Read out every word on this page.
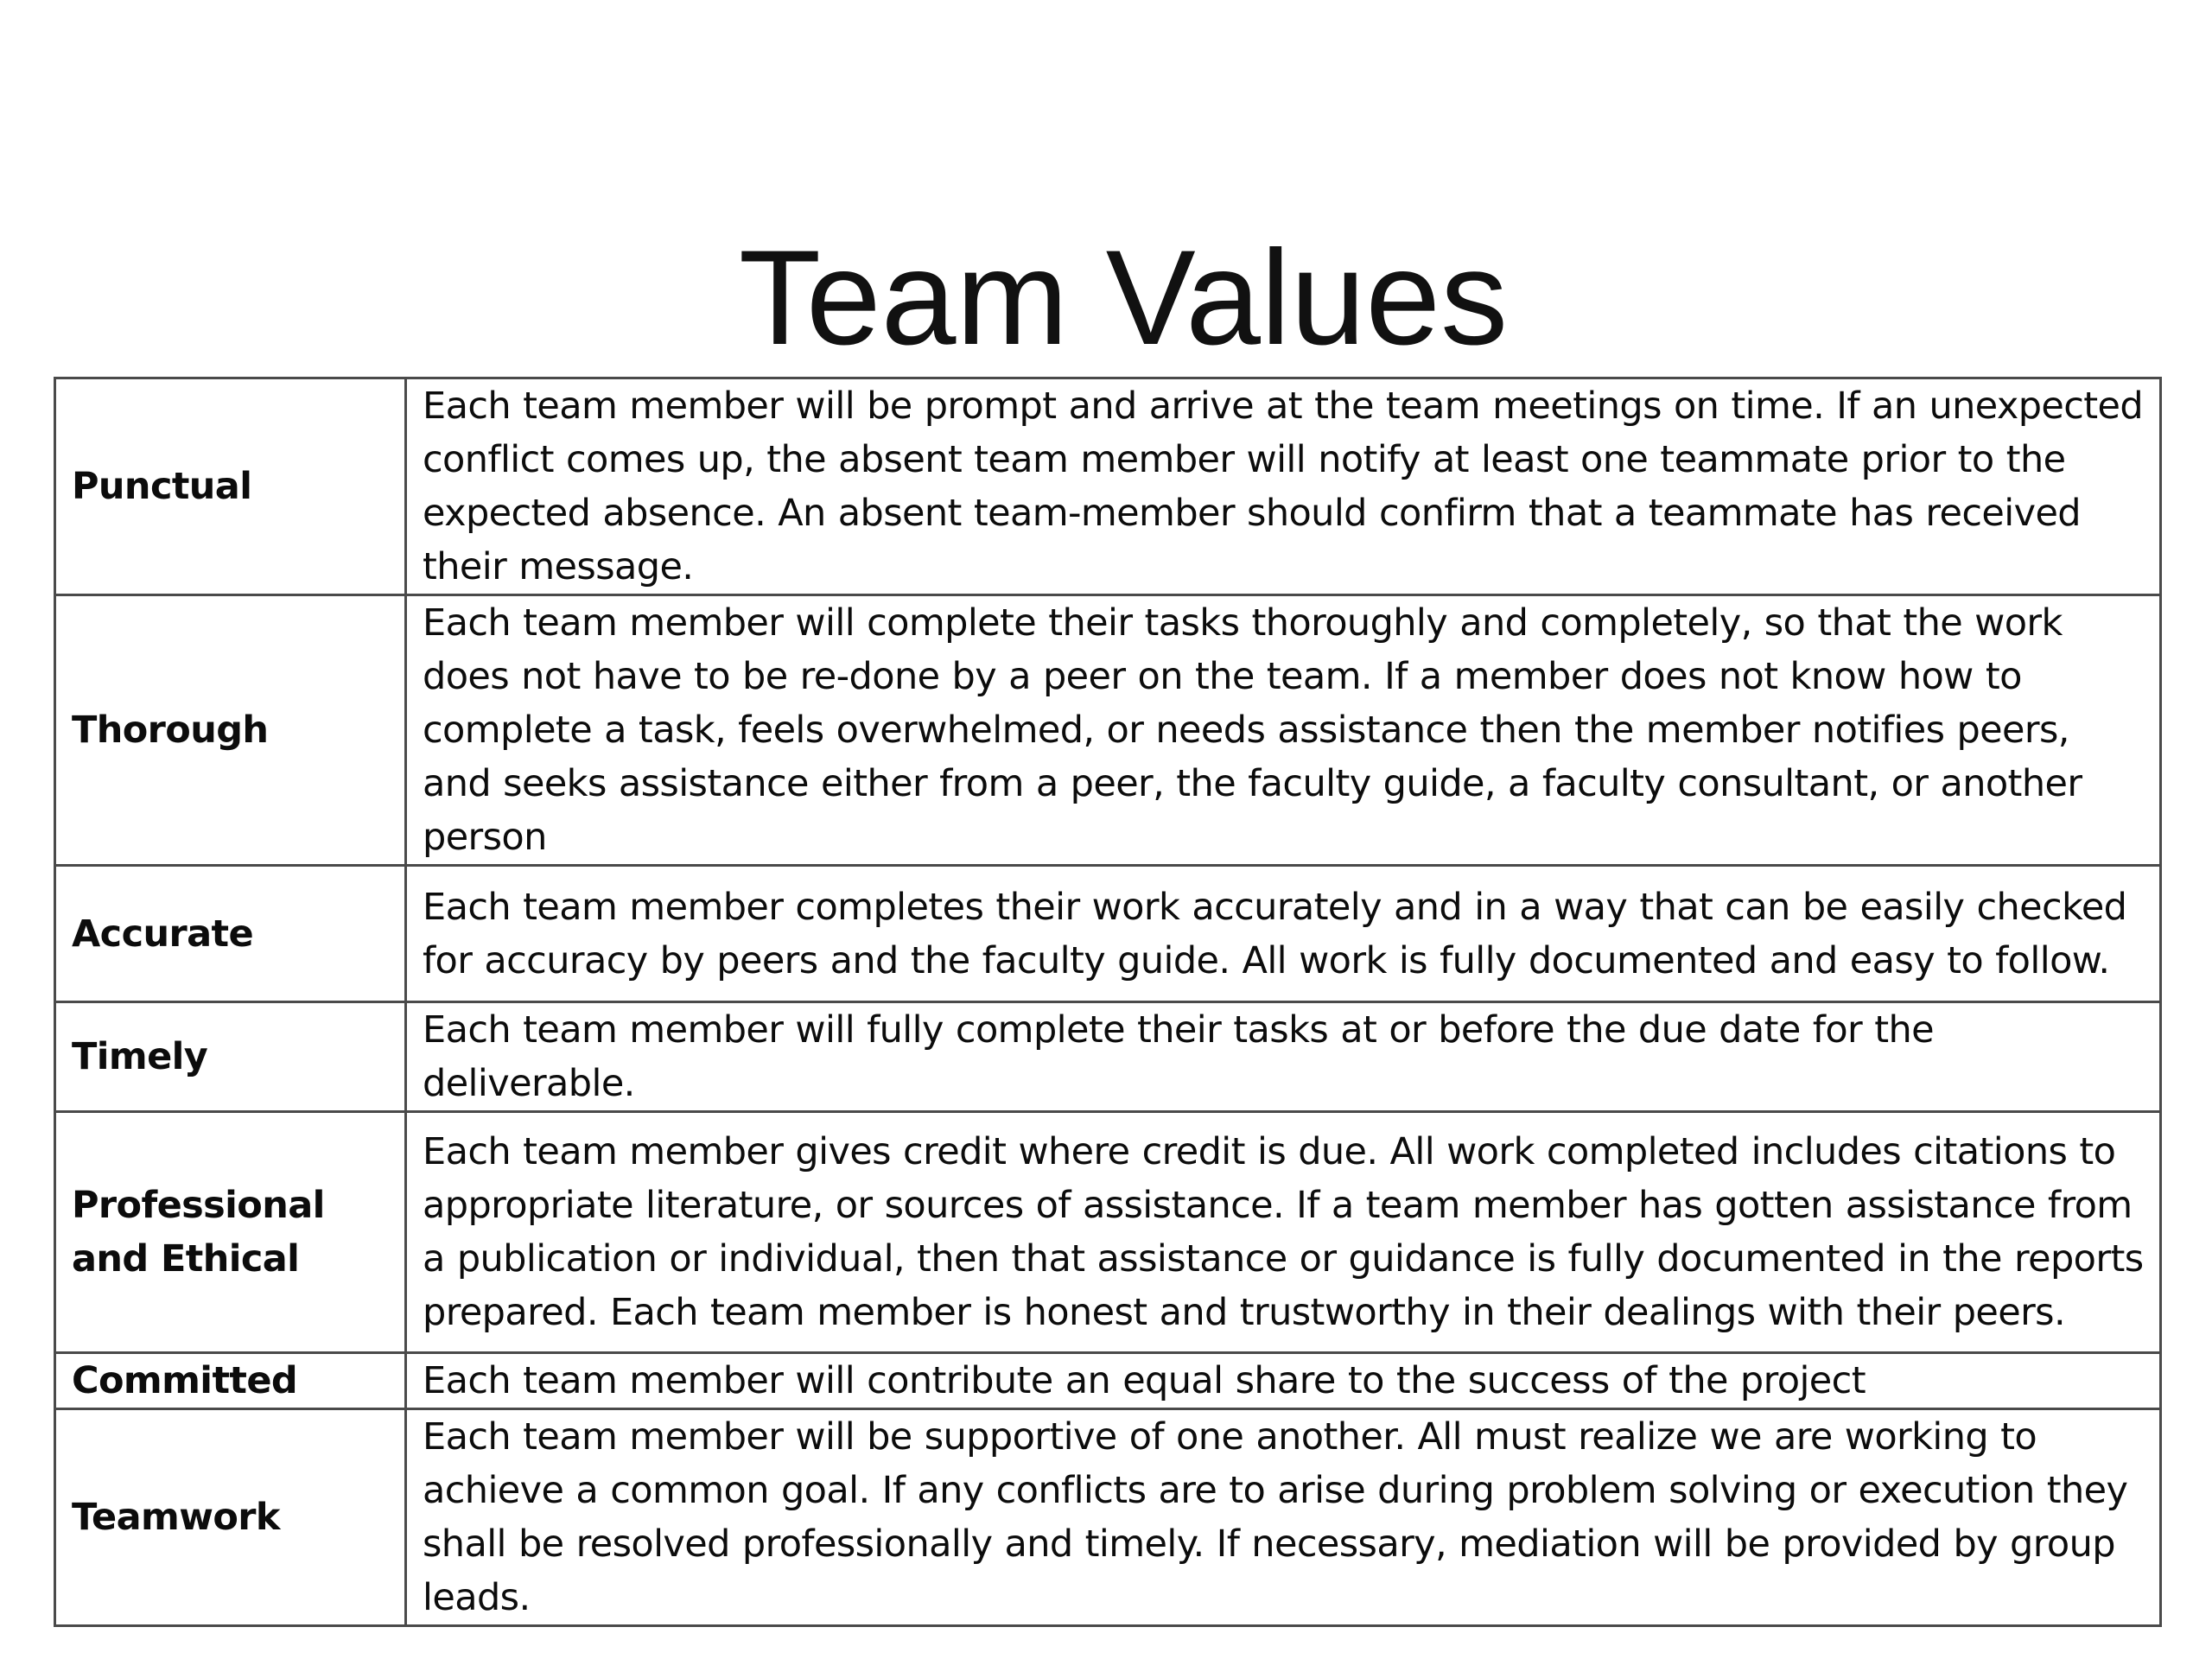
Team Values
Punctual	Each team member will be prompt and arrive at the team meetings on time. If an unexpected conflict comes up, the absent team member will notify at least one teammate prior to the expected absence. An absent team-member should confirm that a teammate has received their message.
Thorough	Each team member will complete their tasks thoroughly and completely, so that the work does not have to be re-done by a peer on the team. If a member does not know how to complete a task, feels overwhelmed, or needs assistance then the member notifies peers, and seeks assistance either from a peer, the faculty guide, a faculty consultant, or another person
Accurate	Each team member completes their work accurately and in a way that can be easily checked for accuracy by peers and the faculty guide. All work is fully documented and easy to follow.
Timely	Each team member will fully complete their tasks at or before the due date for the deliverable.
Professional and Ethical	Each team member gives credit where credit is due. All work completed includes citations to appropriate literature, or sources of assistance. If a team member has gotten assistance from a publication or individual, then that assistance or guidance is fully documented in the reports prepared. Each team member is honest and trustworthy in their dealings with their peers.
Committed	Each team member will contribute an equal share to the success of the project
Teamwork	Each team member will be supportive of one another. All must realize we are working to achieve a common goal. If any conflicts are to arise during problem solving or execution they shall be resolved professionally and timely. If necessary, mediation will be provided by group leads.
